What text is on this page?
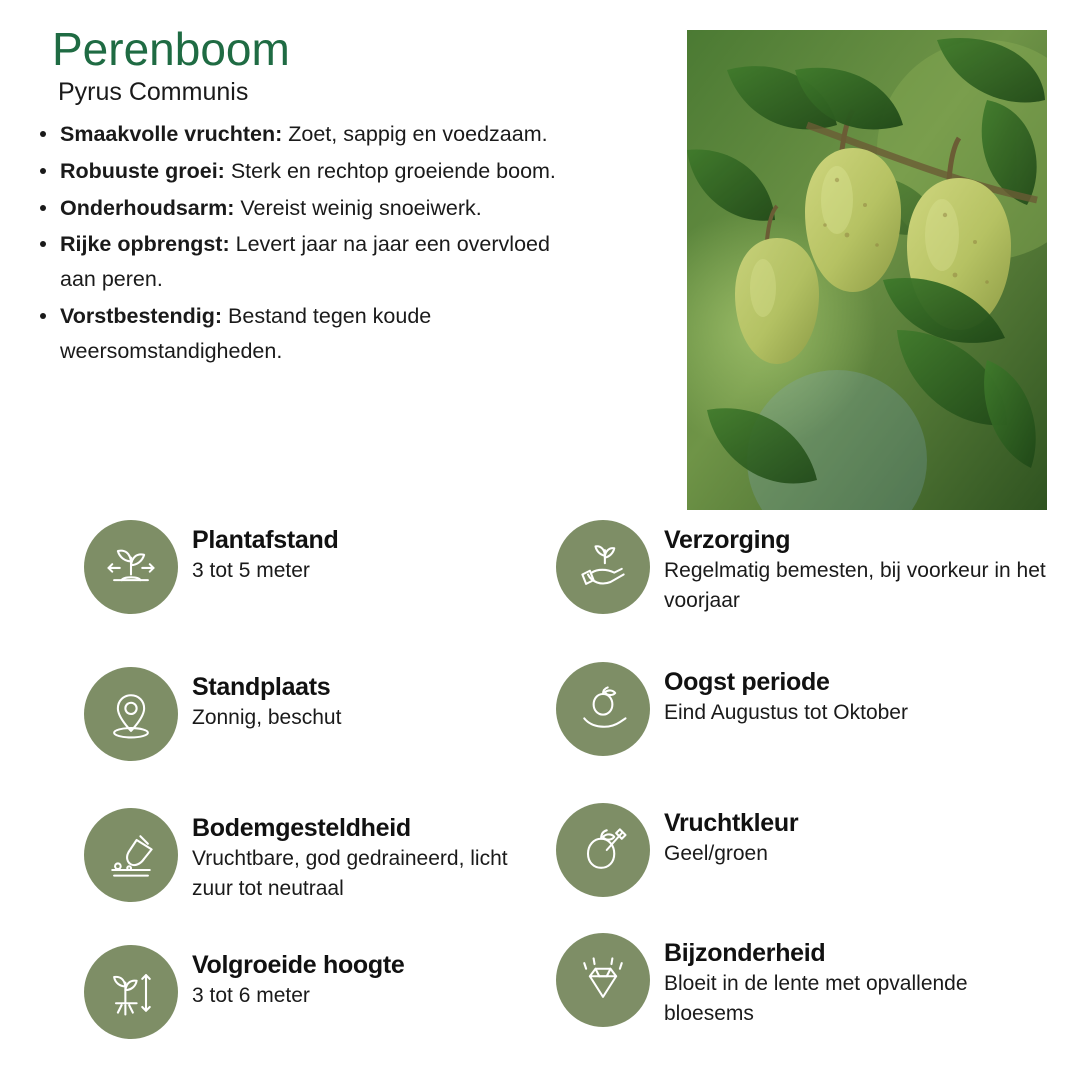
Perenboom
Pyrus Communis
Smaakvolle vruchten: Zoet, sappig en voedzaam.
Robuuste groei: Sterk en rechtop groeiende boom.
Onderhoudsarm: Vereist weinig snoeiwerk.
Rijke opbrengst: Levert jaar na jaar een overvloed aan peren.
Vorstbestendig: Bestand tegen koude weersomstandigheden.
Plantafstand

3 tot 5 meter

Standplaats

Zonnig, beschut

Bodemgesteldheid

Vruchtbare, god gedraineerd, licht zuur tot neutraal

Volgroeide hoogte

3 tot 6 meter

Verzorging

Regelmatig bemesten, bij voorkeur in het voorjaar

Oogst periode

Eind Augustus tot Oktober

Vruchtkleur

Geel/groen

Bijzonderheid

Bloeit in de lente met opvallende bloesems
